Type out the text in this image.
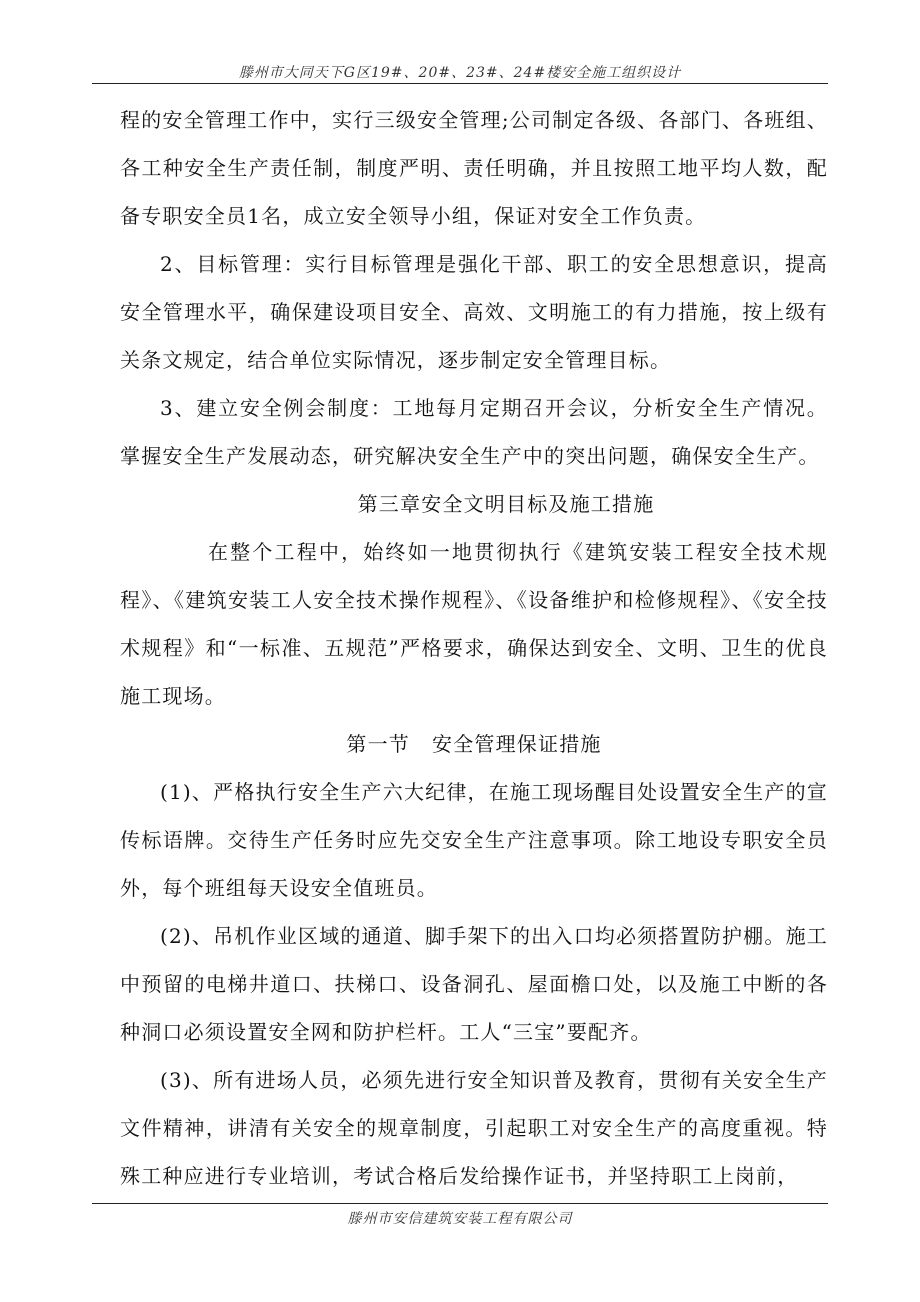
滕州市大同天下G区19#、20#、23#、24#楼安全施工组织设计

程的安全管理工作中，实行三级安全管理;公司制定各级、各部门、各班组、各工种安全生产责任制，制度严明、责任明确，并且按照工地平均人数，配备专职安全员1名，成立安全领导小组，保证对安全工作负责。

2、目标管理：实行目标管理是强化干部、职工的安全思想意识，提高安全管理水平，确保建设项目安全、高效、文明施工的有力措施，按上级有关条文规定，结合单位实际情况，逐步制定安全管理目标。

3、建立安全例会制度：工地每月定期召开会议，分析安全生产情况。掌握安全生产发展动态，研究解决安全生产中的突出问题，确保安全生产。

第三章安全文明目标及施工措施

在整个工程中，始终如一地贯彻执行《建筑安装工程安全技术规程》、《建筑安装工人安全技术操作规程》、《设备维护和检修规程》、《安全技术规程》和“一标准、五规范”严格要求，确保达到安全、文明、卫生的优良施工现场。

第一节 安全管理保证措施

(1)、严格执行安全生产六大纪律，在施工现场醒目处设置安全生产的宣传标语牌。交待生产任务时应先交安全生产注意事项。除工地设专职安全员外，每个班组每天设安全值班员。

(2)、吊机作业区域的通道、脚手架下的出入口均必须搭置防护棚。施工中预留的电梯井道口、扶梯口、设备洞孔、屋面檐口处，以及施工中断的各种洞口必须设置安全网和防护栏杆。工人“三宝”要配齐。

(3)、所有进场人员，必须先进行安全知识普及教育，贯彻有关安全生产文件精神，讲清有关安全的规章制度，引起职工对安全生产的高度重视。特殊工种应进行专业培训，考试合格后发给操作证书，并坚持职工上岗前，

滕州市安信建筑安装工程有限公司
